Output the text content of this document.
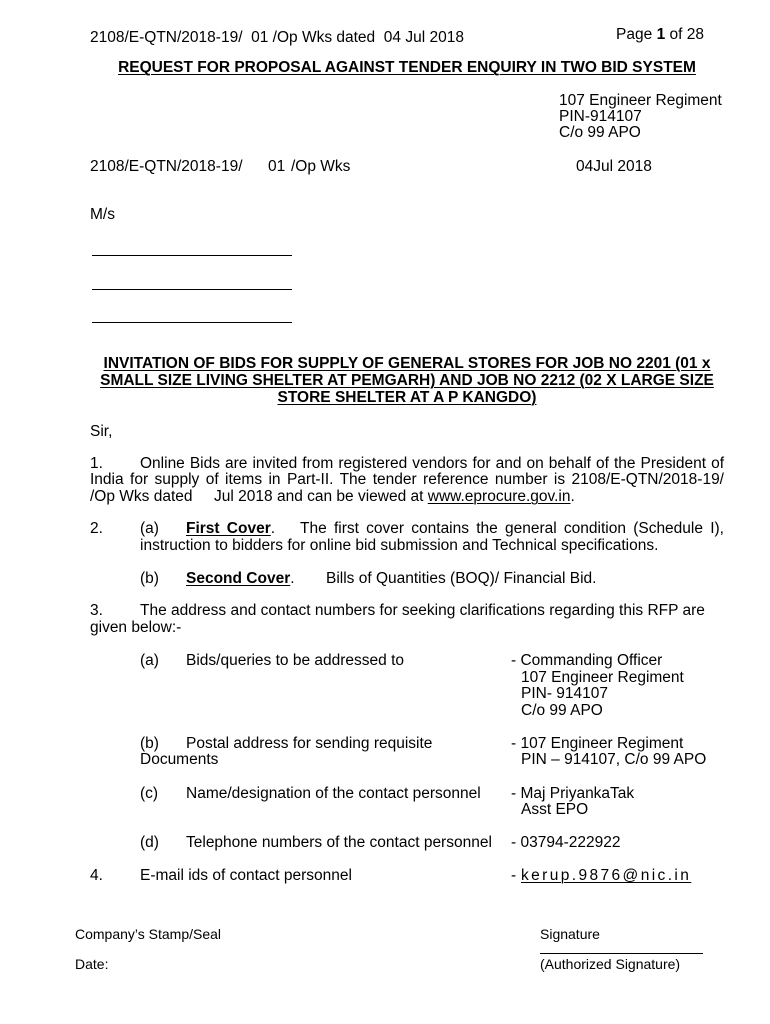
2108/E-QTN/2018-19/  01 /Op Wks dated  04 Jul 2018	Page 1 of 28
REQUEST FOR PROPOSAL AGAINST TENDER ENQUIRY IN TWO BID SYSTEM
107 Engineer Regiment
PIN-914107
C/o 99 APO
2108/E-QTN/2018-19/ 01 /Op Wks	04Jul 2018
M/s
INVITATION OF BIDS FOR SUPPLY OF GENERAL STORES FOR JOB NO 2201 (01 x
SMALL SIZE LIVING SHELTER AT PEMGARH) AND JOB NO 2212 (02 X LARGE SIZE
STORE SHELTER AT A P KANGDO)
Sir,
1. Online Bids are invited from registered vendors for and on behalf of the President of
India for supply of items in Part-II. The tender reference number is 2108/E-QTN/2018-19/
/Op Wks dated     Jul 2018 and can be viewed at www.eprocure.gov.in.
2. (a) First Cover. The first cover contains the general condition (Schedule I),
instruction to bidders for online bid submission and Technical specifications.
(b) Second Cover. Bills of Quantities (BOQ)/ Financial Bid.
3. The address and contact numbers for seeking clarifications regarding this RFP are
given below:-
(a) Bids/queries to be addressed to	- Commanding Officer
107 Engineer Regiment
PIN- 914107
C/o 99 APO
(b) Postal address for sending requisite
Documents
- 107 Engineer Regiment
PIN – 914107, C/o 99 APO
(c) Name/designation of the contact personnel - Maj PriyankaTak
Asst EPO
(d) Telephone numbers of the contact personnel - 03794-222922
4. E-mail ids of contact personnel	- kerup.9876@nic.in
Company’s Stamp/Seal	Signature
Date:	(Authorized Signature)
